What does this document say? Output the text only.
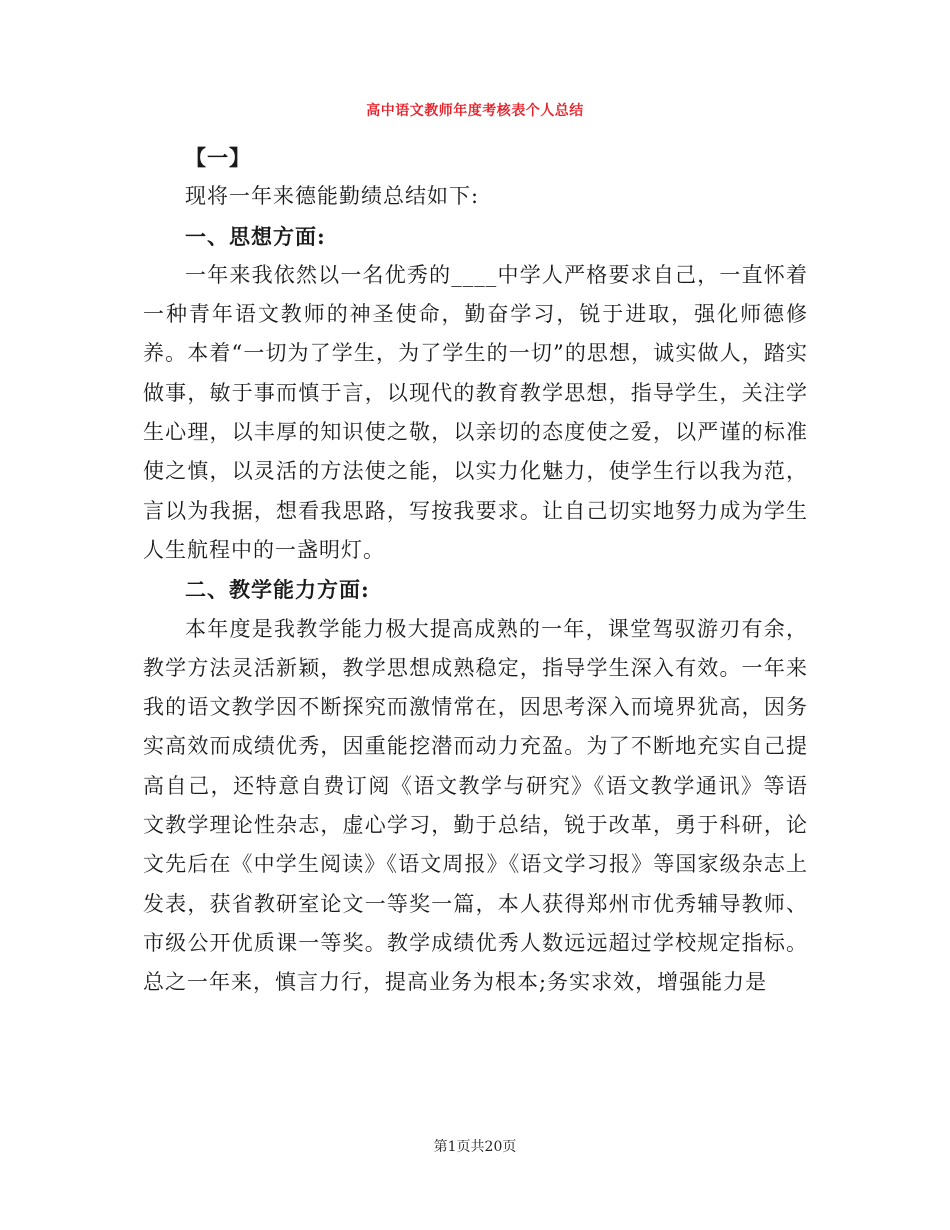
高中语文教师年度考核表个人总结
【一】

现将一年来德能勤绩总结如下:

一、思想方面:

一年来我依然以一名优秀的____中学人严格要求自己，一直怀着一种青年语文教师的神圣使命，勤奋学习，锐于进取，强化师德修养。本着“一切为了学生，为了学生的一切”的思想，诚实做人，踏实做事，敏于事而慎于言，以现代的教育教学思想，指导学生，关注学生心理，以丰厚的知识使之敬，以亲切的态度使之爱，以严谨的标准使之慎，以灵活的方法使之能，以实力化魅力，使学生行以我为范，言以为我据，想看我思路，写按我要求。让自己切实地努力成为学生人生航程中的一盏明灯。

二、教学能力方面:

本年度是我教学能力极大提高成熟的一年，课堂驾驭游刃有余，教学方法灵活新颖，教学思想成熟稳定，指导学生深入有效。一年来我的语文教学因不断探究而激情常在，因思考深入而境界犹高，因务实高效而成绩优秀，因重能挖潜而动力充盈。为了不断地充实自己提高自己，还特意自费订阅《语文教学与研究》《语文教学通讯》等语文教学理论性杂志，虚心学习，勤于总结，锐于改革，勇于科研，论文先后在《中学生阅读》《语文周报》《语文学习报》等国家级杂志上发表，获省教研室论文一等奖一篇，本人获得郑州市优秀辅导教师、市级公开优质课一等奖。教学成绩优秀人数远远超过学校规定指标。总之一年来，慎言力行，提高业务为根本;务实求效，增强能力是

第1页共20页
